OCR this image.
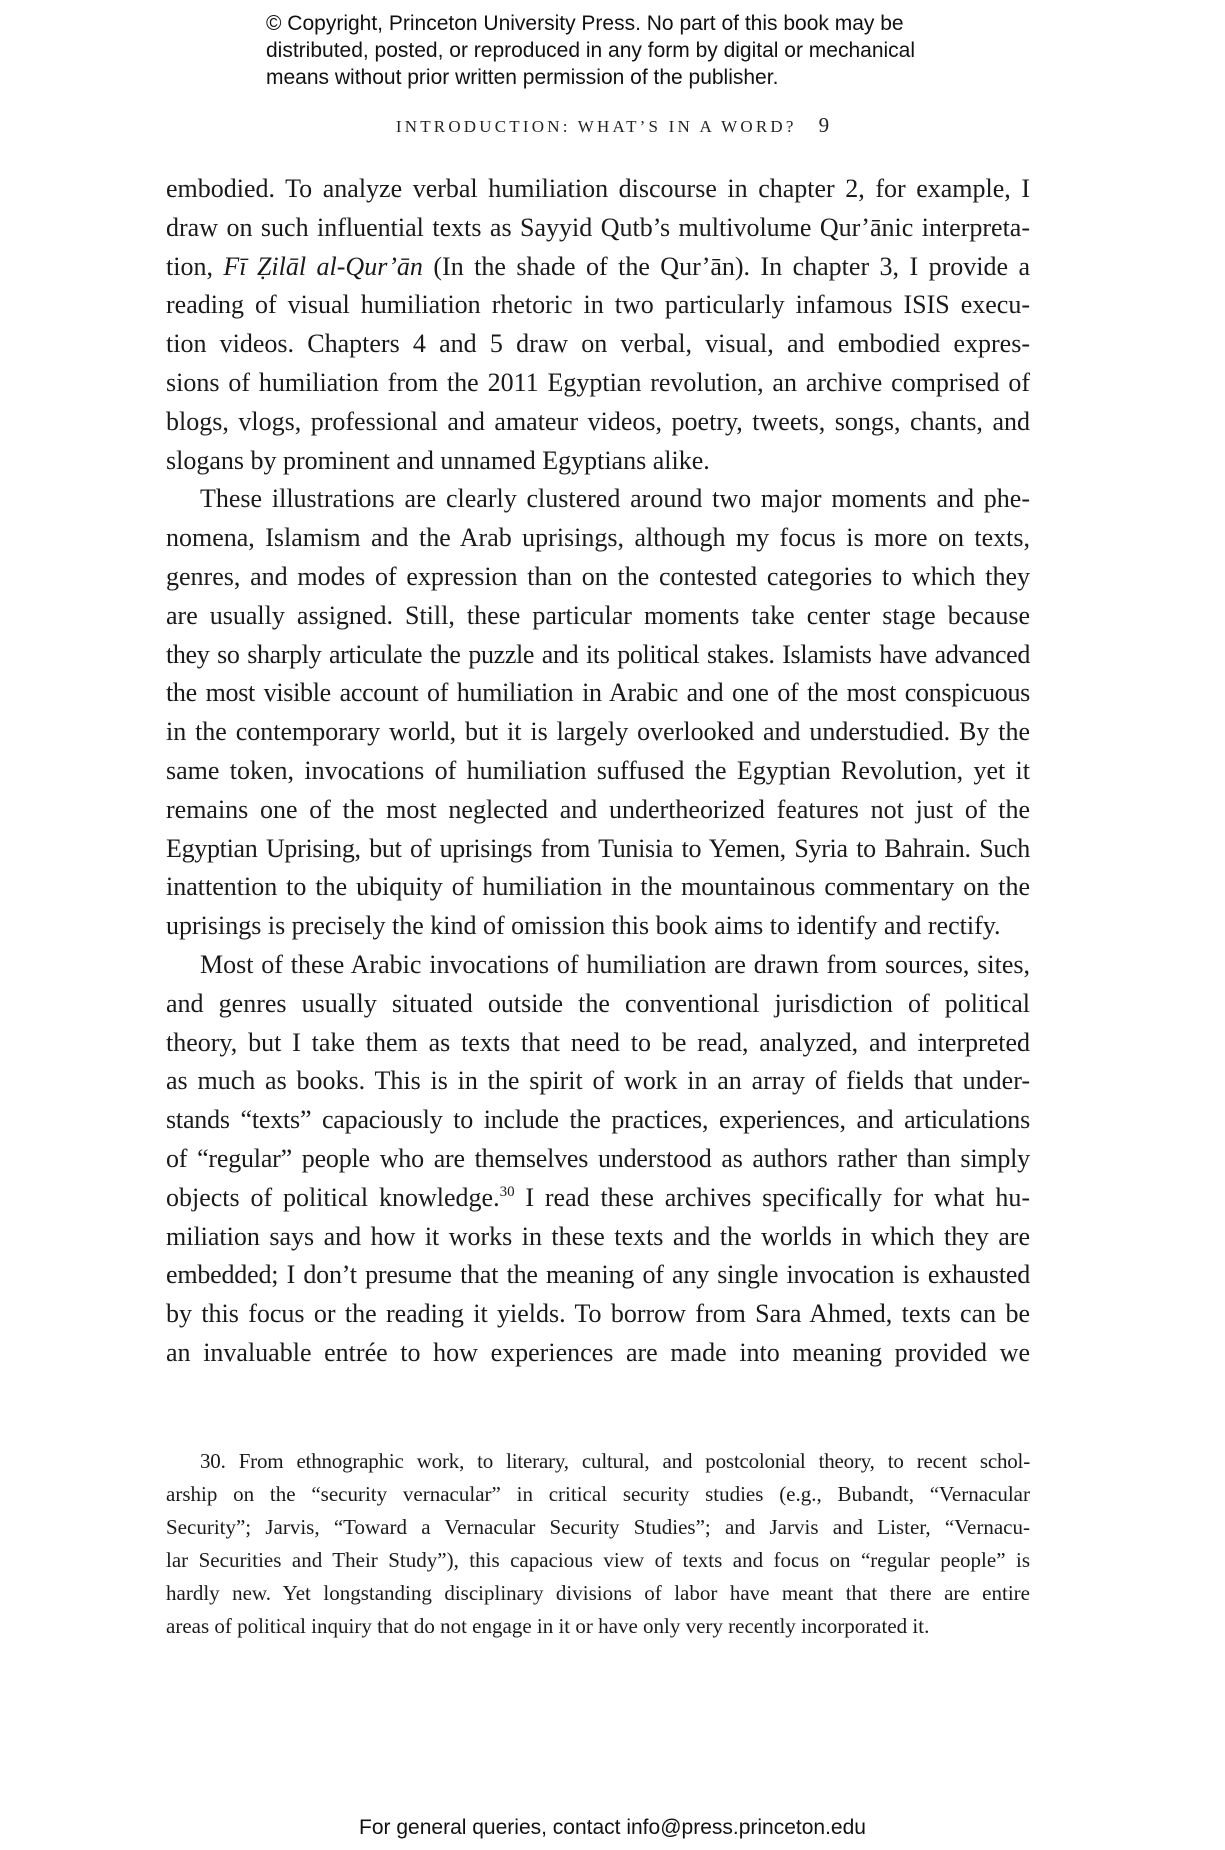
© Copyright, Princeton University Press. No part of this book may be
distributed, posted, or reproduced in any form by digital or mechanical
means without prior written permission of the publisher.
INTRODUCTION: WHAT’S IN A WORD? 9
embodied. To analyze verbal humiliation discourse in chapter 2, for example, I
draw on such influential texts as Sayyid Qutb’s multivolume Qur’ānic interpreta-
tion, Fī Ẓilāl al-Qur’ān (In the shade of the Qur’ān). In chapter 3, I provide a
reading of visual humiliation rhetoric in two particularly infamous ISIS execu-
tion videos. Chapters 4 and 5 draw on verbal, visual, and embodied expres-
sions of humiliation from the 2011 Egyptian revolution, an archive comprised of
blogs, vlogs, professional and amateur videos, poetry, tweets, songs, chants, and
slogans by prominent and unnamed Egyptians alike.
These illustrations are clearly clustered around two major moments and phe-
nomena, Islamism and the Arab uprisings, although my focus is more on texts,
genres, and modes of expression than on the contested categories to which they
are usually assigned. Still, these particular moments take center stage because
they so sharply articulate the puzzle and its political stakes. Islamists have advanced
the most visible account of humiliation in Arabic and one of the most conspicuous
in the contemporary world, but it is largely overlooked and understudied. By the
same token, invocations of humiliation suffused the Egyptian Revolution, yet it
remains one of the most neglected and undertheorized features not just of the
Egyptian Uprising, but of uprisings from Tunisia to Yemen, Syria to Bahrain. Such
inattention to the ubiquity of humiliation in the mountainous commentary on the
uprisings is precisely the kind of omission this book aims to identify and rectify.
Most of these Arabic invocations of humiliation are drawn from sources, sites,
and genres usually situated outside the conventional jurisdiction of political
theory, but I take them as texts that need to be read, analyzed, and interpreted
as much as books. This is in the spirit of work in an array of fields that under-
stands “texts” capaciously to include the practices, experiences, and articulations
of “regular” people who are themselves understood as authors rather than simply
objects of political knowledge.$^{30}$ I read these archives specifically for what hu-
miliation says and how it works in these texts and the worlds in which they are
embedded; I don’t presume that the meaning of any single invocation is exhausted
by this focus or the reading it yields. To borrow from Sara Ahmed, texts can be
an invaluable entrée to how experiences are made into meaning provided we
30. From ethnographic work, to literary, cultural, and postcolonial theory, to recent schol-
arship on the “security vernacular” in critical security studies (e.g., Bubandt, “Vernacular
Security”; Jarvis, “Toward a Vernacular Security Studies”; and Jarvis and Lister, “Vernacu-
lar Securities and Their Study”), this capacious view of texts and focus on “regular people” is
hardly new. Yet longstanding disciplinary divisions of labor have meant that there are entire
areas of political inquiry that do not engage in it or have only very recently incorporated it.
For general queries, contact info@press.princeton.edu
